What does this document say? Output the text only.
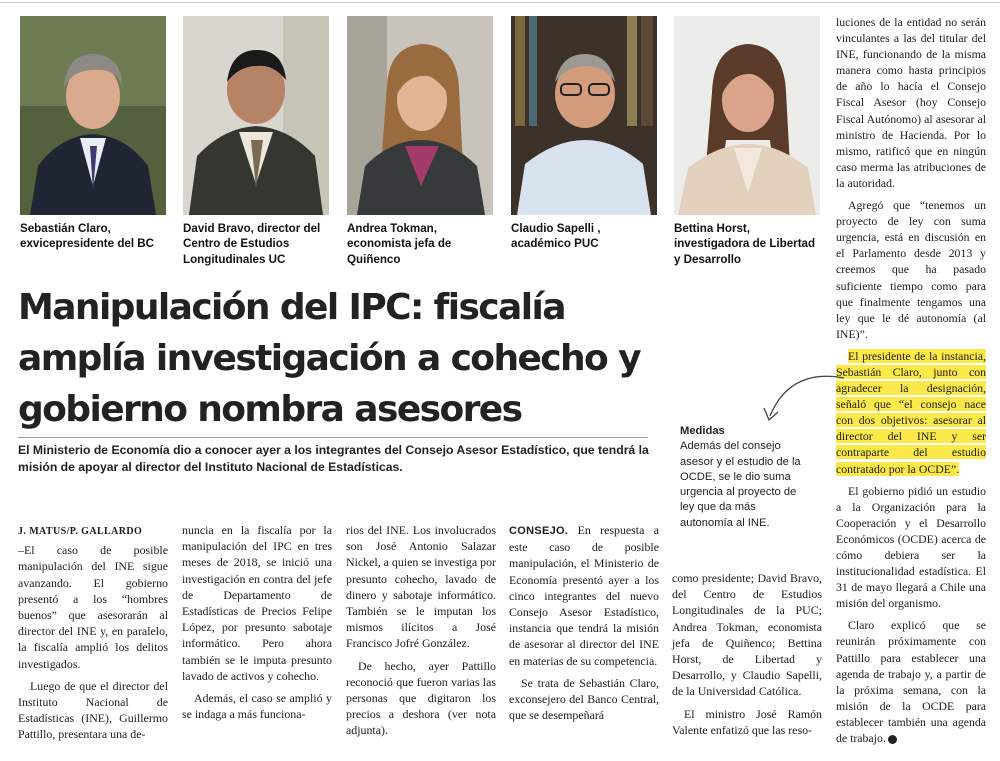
Sebastián Claro,
exvicepresidente del BC
David Bravo, director del
Centro de Estudios Longitudinales UC
Andrea Tokman,
economista jefa de Quiñenco
Claudio Sapelli ,
académico PUC
Bettina Horst,
investigadora de Libertad y Desarrollo
Manipulación del IPC: fiscalía amplía investigación a cohecho y gobierno nombra asesores

El Ministerio de Economía dio a conocer ayer a los integrantes del Consejo Asesor Estadístico, que tendrá la misión de apoyar al director del Instituto Nacional de Estadísticas.

J. MATUS/P. GALLARDO

–El caso de posible manipulación del INE sigue avanzando. El gobierno presentó a los “hombres buenos” que asesorarán al director del INE y, en paralelo, la fiscalía amplió los delitos investigados.

Luego de que el director del Instituto Nacional de Estadísticas (INE), Guillermo Pattillo, presentara una de-

nuncia en la fiscalía por la manipulación del IPC en tres meses de 2018, se inició una investigación en contra del jefe de Departamento de Estadísticas de Precios Felipe López, por presunto sabotaje informático. Pero ahora también se le imputa presunto lavado de activos y cohecho.

Además, el caso se amplió y se indaga a más funciona-

rios del INE. Los involucrados son José Antonio Salazar Nickel, a quien se investiga por presunto cohecho, lavado de dinero y sabotaje informático. También se le imputan los mismos ilícitos a José Francisco Jofré González.

De hecho, ayer Pattillo reconoció que fueron varias las personas que digitaron los precios a deshora (ver nota adjunta).

CONSEJO. En respuesta a este caso de posible manipulación, el Ministerio de Economía presentó ayer a los cinco integrantes del nuevo Consejo Asesor Estadístico, instancia que tendrá la misión de asesorar al director del INE en materias de su competencia.

Se trata de Sebastián Claro, exconsejero del Banco Central, que se desempeñará

como presidente; David Bravo, del Centro de Estudios Longitudinales de la PUC; Andrea Tokman, economista jefa de Quiñenco; Bettina Horst, de Libertad y Desarrollo, y Claudio Sapelli, de la Universidad Católica.

El ministro José Ramón Valente enfatizó que las reso-

luciones de la entidad no serán vinculantes a las del titular del INE, funcionando de la misma manera como hasta principios de año lo hacía el Consejo Fiscal Asesor (hoy Consejo Fiscal Autónomo) al asesorar al ministro de Hacienda. Por lo mismo, ratificó que en ningún caso merma las atribuciones de la autoridad.

Agregó que “tenemos un proyecto de ley con suma urgencia, está en discusión en el Parlamento desde 2013 y creemos que ha pasado suficiente tiempo como para que finalmente tengamos una ley que le dé autonomía (al INE)”.

El presidente de la instancia, Sebastián Claro, junto con agradecer la designación, señaló que “el consejo nace con dos objetivos: asesorar al director del INE y ser contraparte del estudio contratado por la OCDE”.

El gobierno pidió un estudio a la Organización para la Cooperación y el Desarrollo Económicos (OCDE) acerca de cómo debiera ser la institucionalidad estadística. El 31 de mayo llegará a Chile una misión del organismo.

Claro explicó que se reunirán próximamente con Pattillo para establecer una agenda de trabajo y, a partir de la próxima semana, con la misión de la OCDE para establecer también una agenda de trabajo. P

Medidas
Además del consejo asesor y el estudio de la OCDE, se le dio suma urgencia al proyecto de ley que da más autonomía al INE.
